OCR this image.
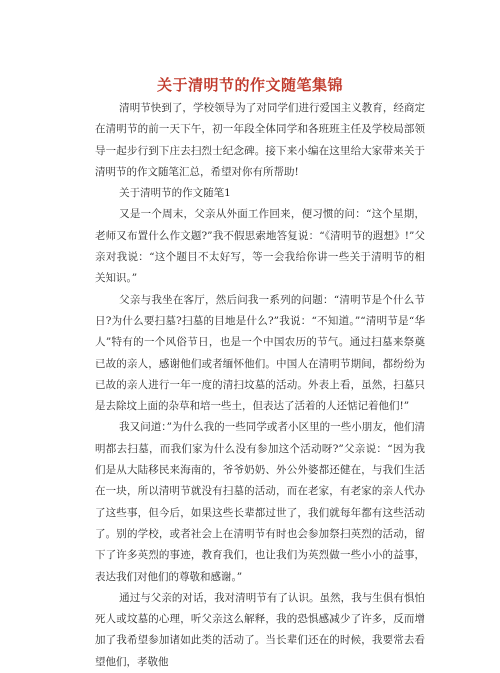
关于清明节的作文随笔集锦

清明节快到了，学校领导为了对同学们进行爱国主义教育，经商定在清明节的前一天下午，初一年段全体同学和各班班主任及学校局部领导一起步行到下庄去扫烈士纪念碑。接下来小编在这里给大家带来关于清明节的作文随笔汇总，希望对你有所帮助!

关于清明节的作文随笔1

又是一个周末，父亲从外面工作回来，便习惯的问：“这个星期，老师又布置什么作文题?”我不假思索地答复说：“《清明节的遐想》!”父亲对我说：“这个题目不太好写，等一会我给你讲一些关于清明节的相关知识。”

父亲与我坐在客厅，然后问我一系列的问题：“清明节是个什么节日?为什么要扫墓?扫墓的目地是什么?”我说：“不知道。”“清明节是“华人”特有的一个风俗节日，也是一个中国农历的节气。通过扫墓来祭奠已故的亲人，感谢他们或者缅怀他们。中国人在清明节期间，都纷纷为已故的亲人进行一年一度的清扫坟墓的活动。外表上看，虽然，扫墓只是去除坟上面的杂草和培一些土，但表达了活着的人还惦记着他们!”

我又问道：”为什么我的一些同学或者小区里的一些小朋友，他们清明都去扫墓，而我们家为什么没有参加这个活动呀?”父亲说：“因为我们是从大陆移民来海南的，爷爷奶奶、外公外婆都还健在，与我们生活在一块，所以清明节就没有扫墓的活动，而在老家，有老家的亲人代办了这些事，但今后，如果这些长辈都过世了，我们就每年都有这些活动了。别的学校，或者社会上在清明节有时也会参加祭扫英烈的活动，留下了许多英烈的事迹，教育我们，也让我们为英烈做一些小小的益事，表达我们对他们的尊敬和感谢。”

通过与父亲的对话，我对清明节有了认识。虽然，我与生俱有惧怕死人或坟墓的心理，听父亲这么解释，我的恐惧感减少了许多，反而增加了我希望参加诸如此类的活动了。当长辈们还在的时候，我要常去看望他们，孝敬他
